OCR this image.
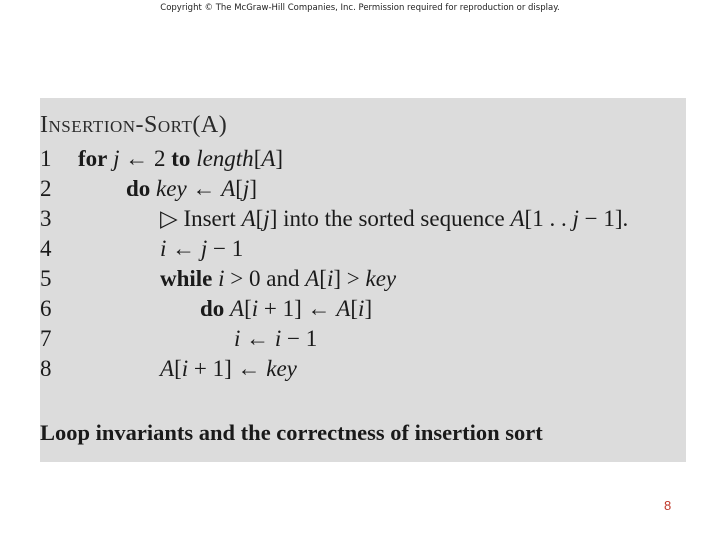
Copyright © The McGraw-Hill Companies, Inc. Permission required for reproduction or display.
INSERTION-SORT(A)
1	for j ← 2 to length[A]
2	do key ← A[j]
3	▷ Insert A[j] into the sorted sequence A[1 . . j − 1].
4	i ← j − 1
5	while i > 0 and A[i] > key
6	do A[i + 1] ← A[i]
7	i ← i − 1
8	A[i + 1] ← key
Loop invariants and the correctness of insertion sort
8
